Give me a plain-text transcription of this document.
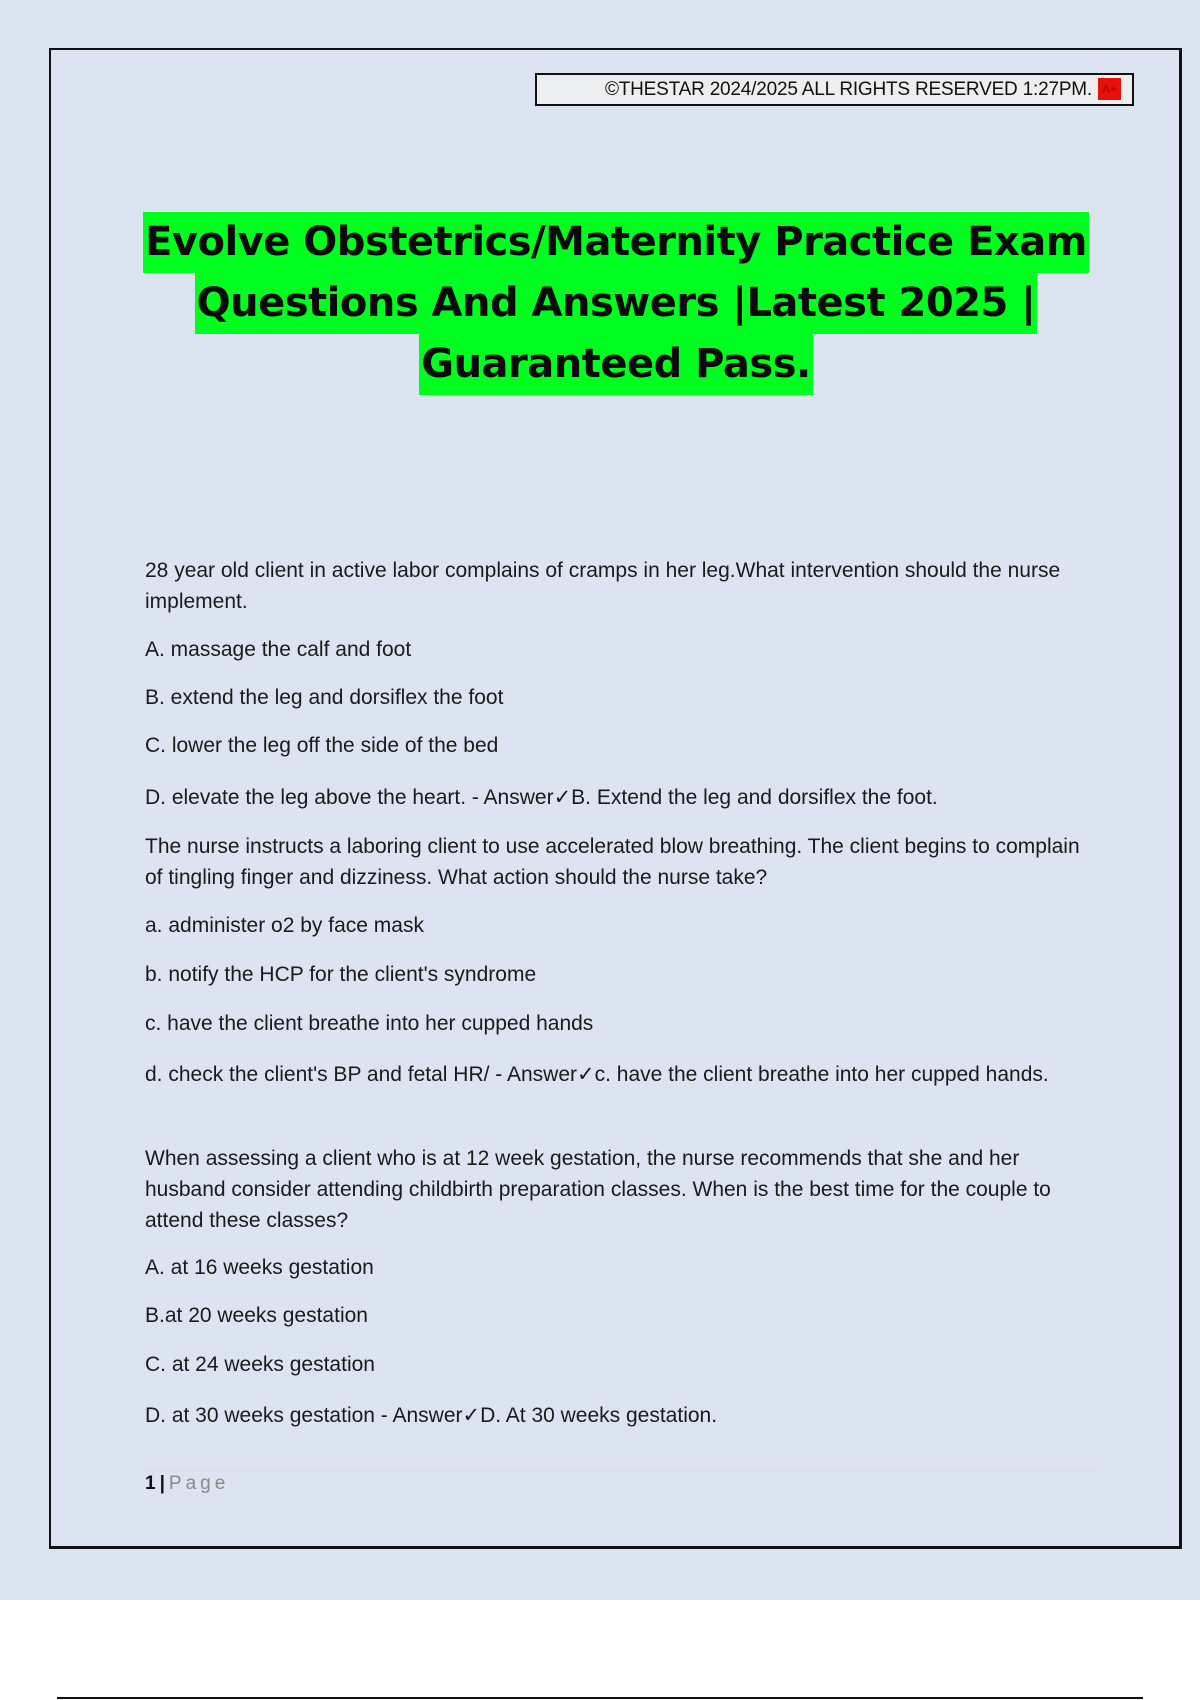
©THESTAR 2024/2025 ALL RIGHTS RESERVED 1:27PM. A+
Evolve Obstetrics/Maternity Practice Exam
Questions And Answers |Latest 2025 |
Guaranteed Pass.

28 year old client in active labor complains of cramps in her leg.What intervention should the nurse implement.

A. massage the calf and foot

B. extend the leg and dorsiflex the foot

C. lower the leg off the side of the bed

D. elevate the leg above the heart. - Answer✓B. Extend the leg and dorsiflex the foot.

The nurse instructs a laboring client to use accelerated blow breathing. The client begins to complain of tingling finger and dizziness. What action should the nurse take?

a. administer o2 by face mask

b. notify the HCP for the client's syndrome

c. have the client breathe into her cupped hands

d. check the client's BP and fetal HR/ - Answer✓c. have the client breathe into her cupped hands.

When assessing a client who is at 12 week gestation, the nurse recommends that she and her husband consider attending childbirth preparation classes. When is the best time for the couple to attend these classes?

A. at 16 weeks gestation

B.at 20 weeks gestation

C. at 24 weeks gestation

D. at 30 weeks gestation - Answer✓D. At 30 weeks gestation.

1 | Page
